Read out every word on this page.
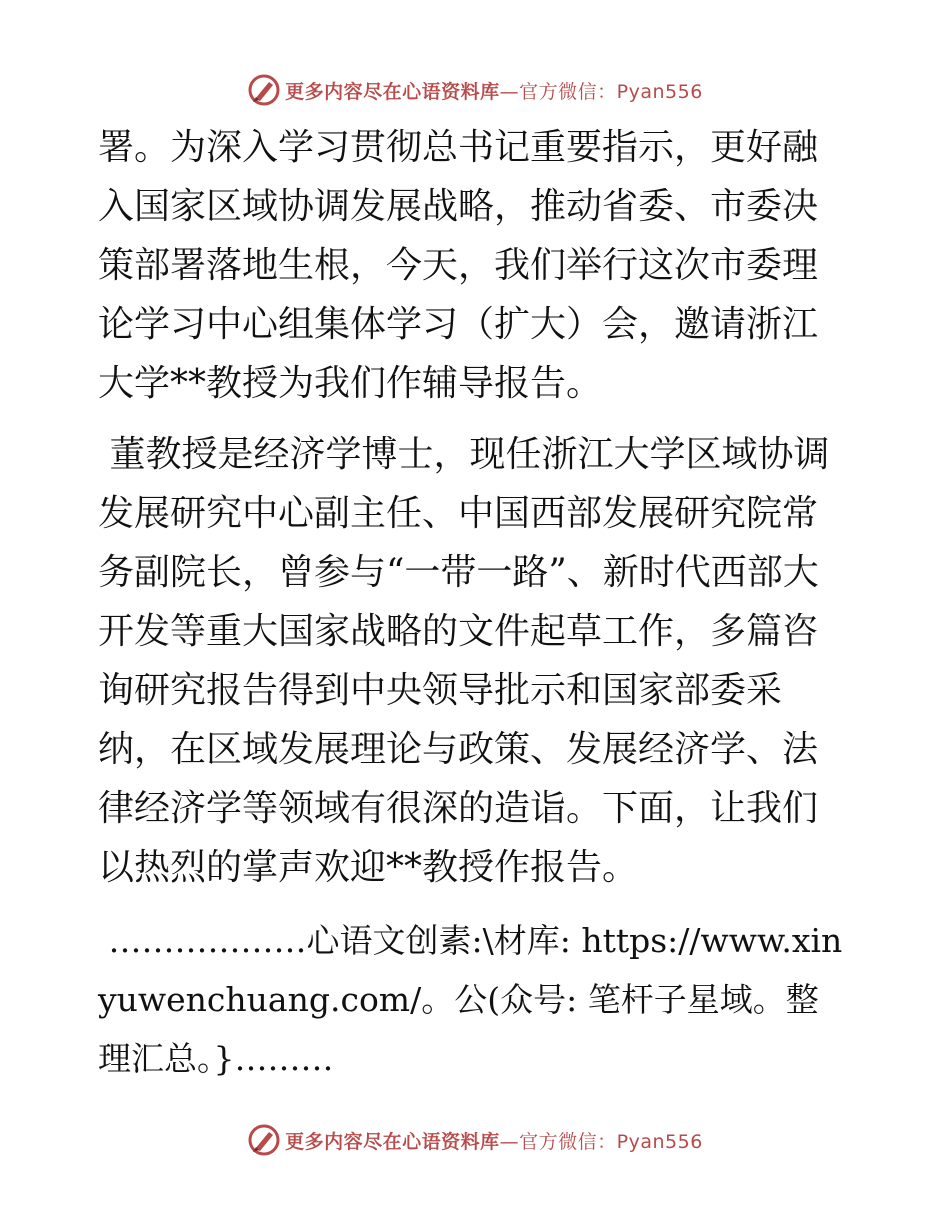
更多内容尽在心语资料库—官方微信：Pyan556

署。为深入学习贯彻总书记重要指示，更好融入国家区域协调发展战略，推动省委、市委决策部署落地生根，今天，我们举行这次市委理论学习中心组集体学习（扩大）会，邀请浙江大学**教授为我们作辅导报告。

董教授是经济学博士，现任浙江大学区域协调发展研究中心副主任、中国西部发展研究院常务副院长，曾参与“一带一路”、新时代西部大开发等重大国家战略的文件起草工作，多篇咨询研究报告得到中央领导批示和国家部委采纳，在区域发展理论与政策、发展经济学、法律经济学等领域有很深的造诣。下面，让我们以热烈的掌声欢迎**教授作报告。

………………心语文创素:\材库: https://www.xinyuwenchuang.com/。公(众号: 笔杆子星域。整理汇总。}………

更多内容尽在心语资料库—官方微信：Pyan556
